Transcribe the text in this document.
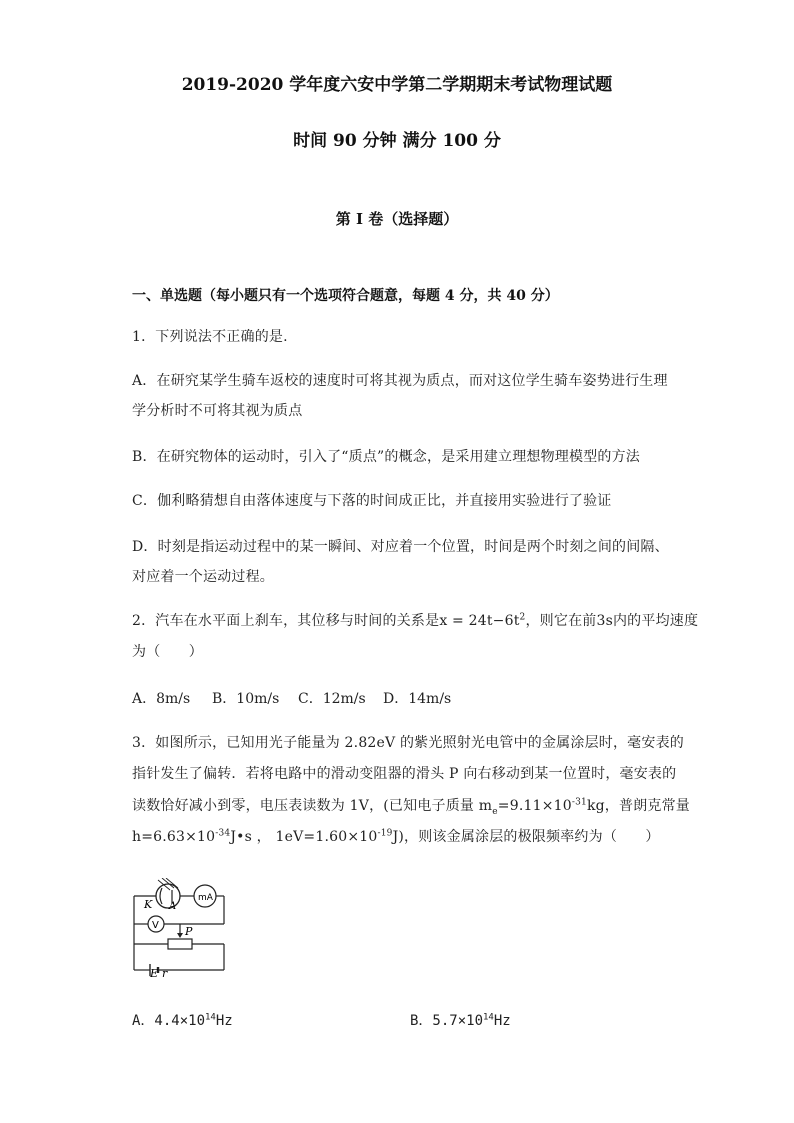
2019-2020 学年度六安中学第二学期期末考试物理试题
时间 90 分钟 满分 100 分
第 I 卷（选择题）
一、单选题（每小题只有一个选项符合题意，每题 4 分，共 40 分）
1．下列说法不正确的是.
A．在研究某学生骑车返校的速度时可将其视为质点，而对这位学生骑车姿势进行生理
学分析时不可将其视为质点
B．在研究物体的运动时，引入了“质点”的概念，是采用建立理想物理模型的方法
C．伽利略猜想自由落体速度与下落的时间成正比，并直接用实验进行了验证
D．时刻是指运动过程中的某一瞬间、对应着一个位置，时间是两个时刻之间的间隔、
对应着一个运动过程。
2．汽车在水平面上刹车，其位移与时间的关系是$x = 24t-6t^2$，则它在前3s内的平均速度
为（　　）
A．8m/s B．10m/s C．12m/s D．14m/s
3．如图所示，已知用光子能量为 2.82eV 的紫光照射光电管中的金属涂层时，毫安表的
指针发生了偏转．若将电路中的滑动变阻器的滑头 P 向右移动到某一位置时，毫安表的
读数恰好减小到零，电压表读数为 1V，(已知电子质量 $m_e=9.11\times 10^{-31}kg$，普朗克常量
$h=6.63\times 10^{-34}J•s$ ， $1eV=1.60\times 10^{-19}J$)，则该金属涂层的极限频率约为（　　）
K A
mA
V P
E r
A．$4.4\times 10^{14}Hz$	B．$5.7\times 10^{14}Hz$
